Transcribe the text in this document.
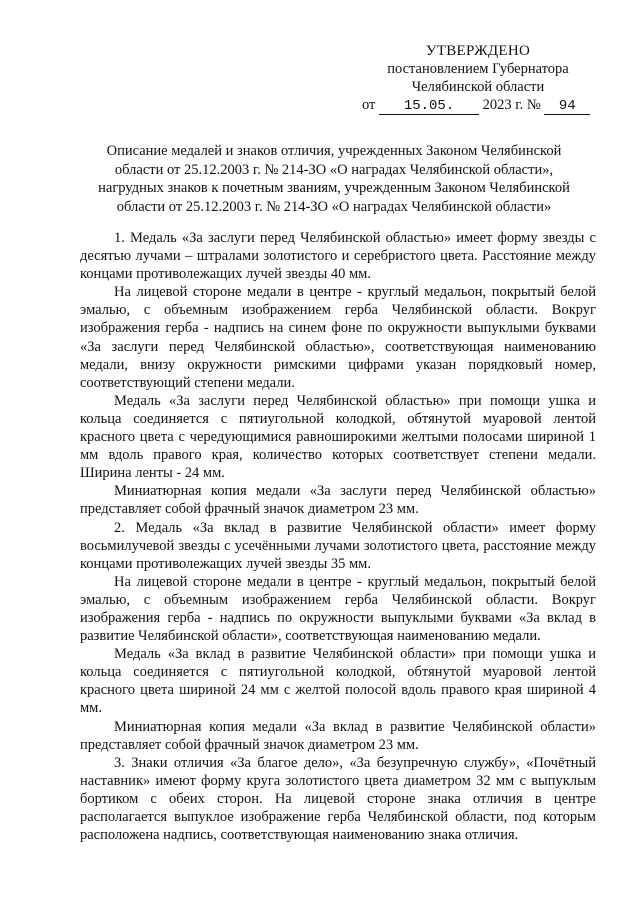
УТВЕРЖДЕНО
постановлением Губернатора
Челябинской области
от 15.05. 2023 г. № 94
Описание медалей и знаков отличия, учрежденных Законом Челябинской области от 25.12.2003 г. № 214-ЗО «О наградах Челябинской области», нагрудных знаков к почетным званиям, учрежденным Законом Челябинской области от 25.12.2003 г. № 214-ЗО «О наградах Челябинской области»

1. Медаль «За заслуги перед Челябинской областью» имеет форму звезды с десятью лучами – штралами золотистого и серебристого цвета. Расстояние между концами противолежащих лучей звезды 40 мм.

На лицевой стороне медали в центре - круглый медальон, покрытый белой эмалью, с объемным изображением герба Челябинской области. Вокруг изображения герба - надпись на синем фоне по окружности выпуклыми буквами «За заслуги перед Челябинской областью», соответствующая наименованию медали, внизу окружности римскими цифрами указан порядковый номер, соответствующий степени медали.

Медаль «За заслуги перед Челябинской областью» при помощи ушка и кольца соединяется с пятиугольной колодкой, обтянутой муаровой лентой красного цвета с чередующимися равноширокими желтыми полосами шириной 1 мм вдоль правого края, количество которых соответствует степени медали. Ширина ленты - 24 мм.

Миниатюрная копия медали «За заслуги перед Челябинской областью» представляет собой фрачный значок диаметром 23 мм.

2. Медаль «За вклад в развитие Челябинской области» имеет форму восьмилучевой звезды с усечёнными лучами золотистого цвета, расстояние между концами противолежащих лучей звезды 35 мм.

На лицевой стороне медали в центре - круглый медальон, покрытый белой эмалью, с объемным изображением герба Челябинской области. Вокруг изображения герба - надпись по окружности выпуклыми буквами «За вклад в развитие Челябинской области», соответствующая наименованию медали.

Медаль «За вклад в развитие Челябинской области» при помощи ушка и кольца соединяется с пятиугольной колодкой, обтянутой муаровой лентой красного цвета шириной 24 мм с желтой полосой вдоль правого края шириной 4 мм.

Миниатюрная копия медали «За вклад в развитие Челябинской области» представляет собой фрачный значок диаметром 23 мм.

3. Знаки отличия «За благое дело», «За безупречную службу», «Почётный наставник» имеют форму круга золотистого цвета диаметром 32 мм с выпуклым бортиком с обеих сторон. На лицевой стороне знака отличия в центре располагается выпуклое изображение герба Челябинской области, под которым расположена надпись, соответствующая наименованию знака отличия.
